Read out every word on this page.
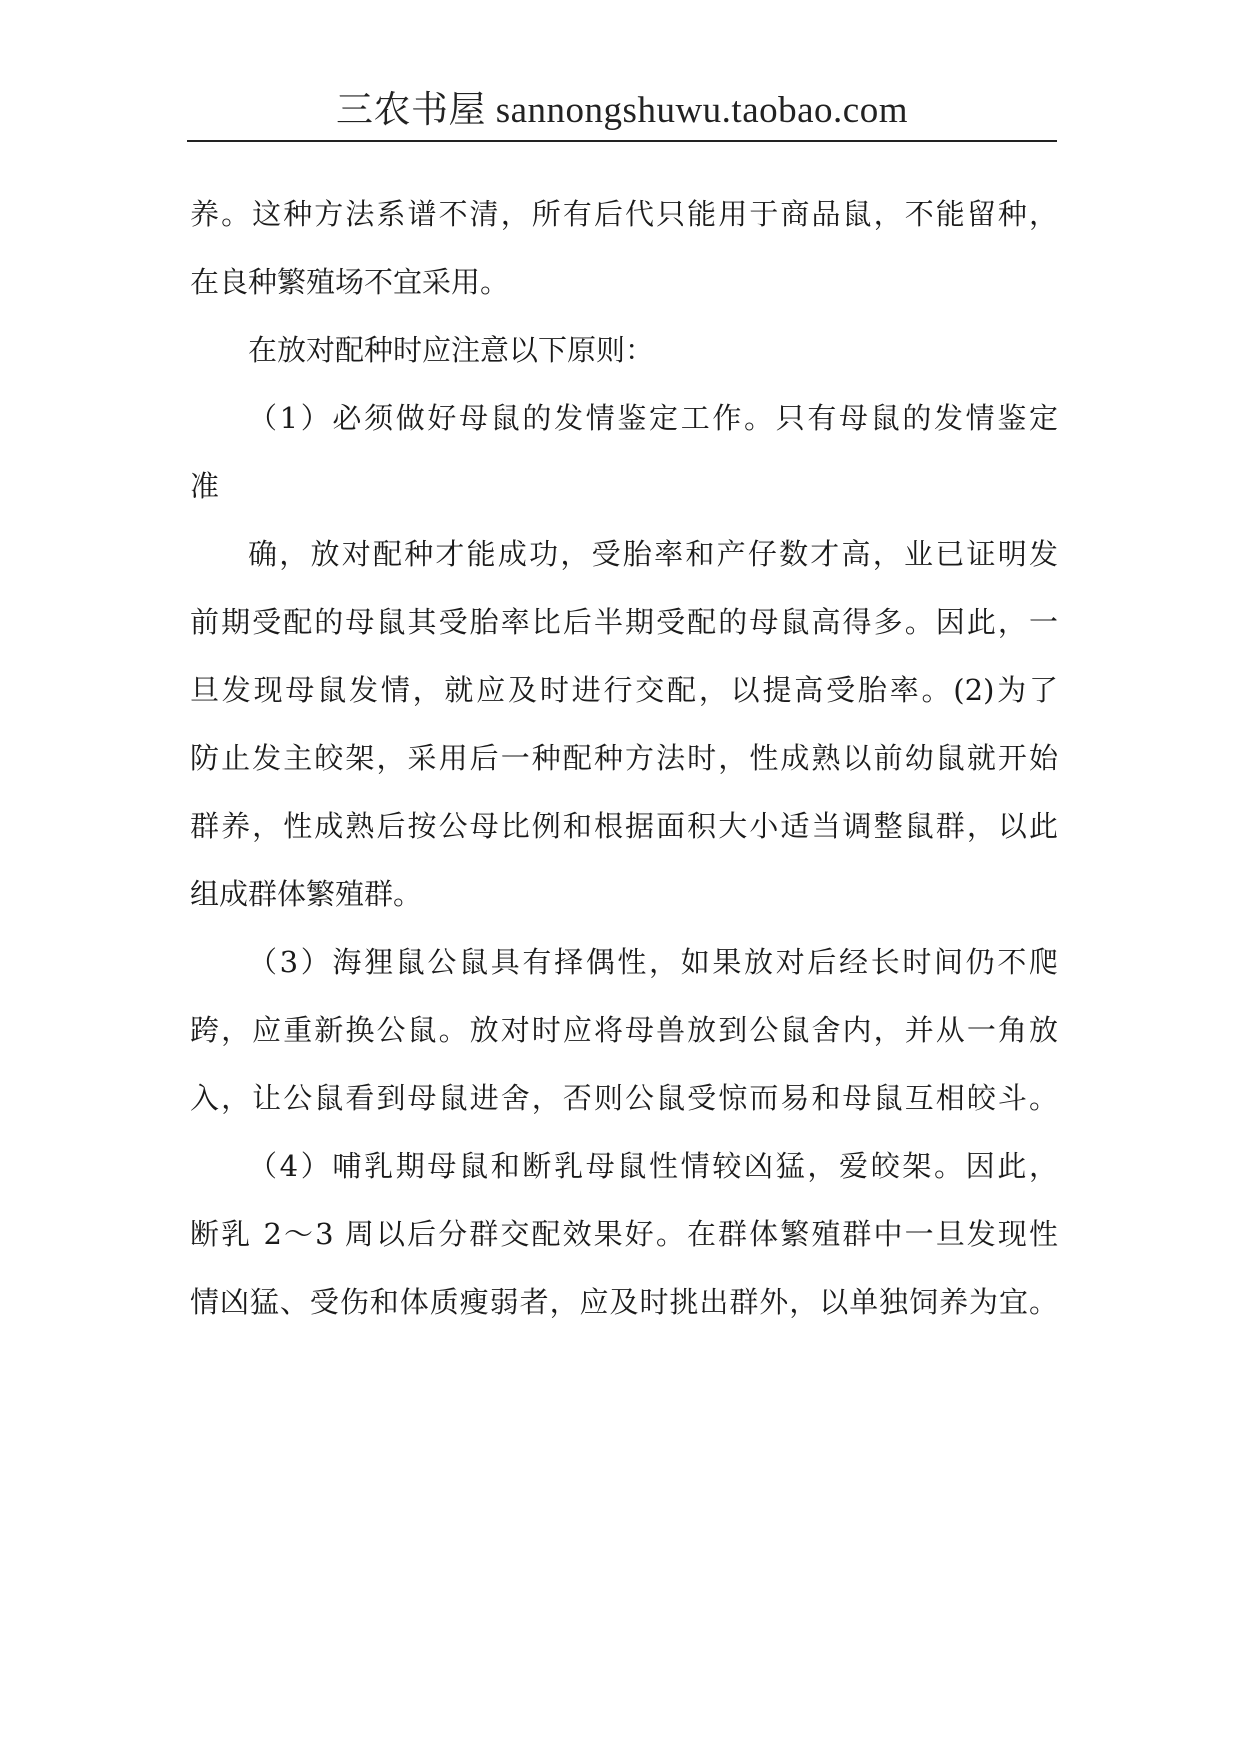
三农书屋 sannongshuwu.taobao.com
养。这种方法系谱不清，所有后代只能用于商品鼠，不能留种，
在良种繁殖场不宜采用。
在放对配种时应注意以下原则：
（1）必须做好母鼠的发情鉴定工作。只有母鼠的发情鉴定
准
确，放对配种才能成功，受胎率和产仔数才高，业已证明发
前期受配的母鼠其受胎率比后半期受配的母鼠高得多。因此，一
旦发现母鼠发情，就应及时进行交配，以提高受胎率。(2)为了
防止发主皎架，采用后一种配种方法时，性成熟以前幼鼠就开始
群养，性成熟后按公母比例和根据面积大小适当调整鼠群，以此
组成群体繁殖群。
（3）海狸鼠公鼠具有择偶性，如果放对后经长时间仍不爬
跨，应重新换公鼠。放对时应将母兽放到公鼠舍内，并从一角放
入，让公鼠看到母鼠进舍，否则公鼠受惊而易和母鼠互相皎斗。
（4）哺乳期母鼠和断乳母鼠性情较凶猛，爱皎架。因此，
断乳 2～3 周以后分群交配效果好。在群体繁殖群中一旦发现性
情凶猛、受伤和体质瘦弱者，应及时挑出群外，以单独饲养为宜。
